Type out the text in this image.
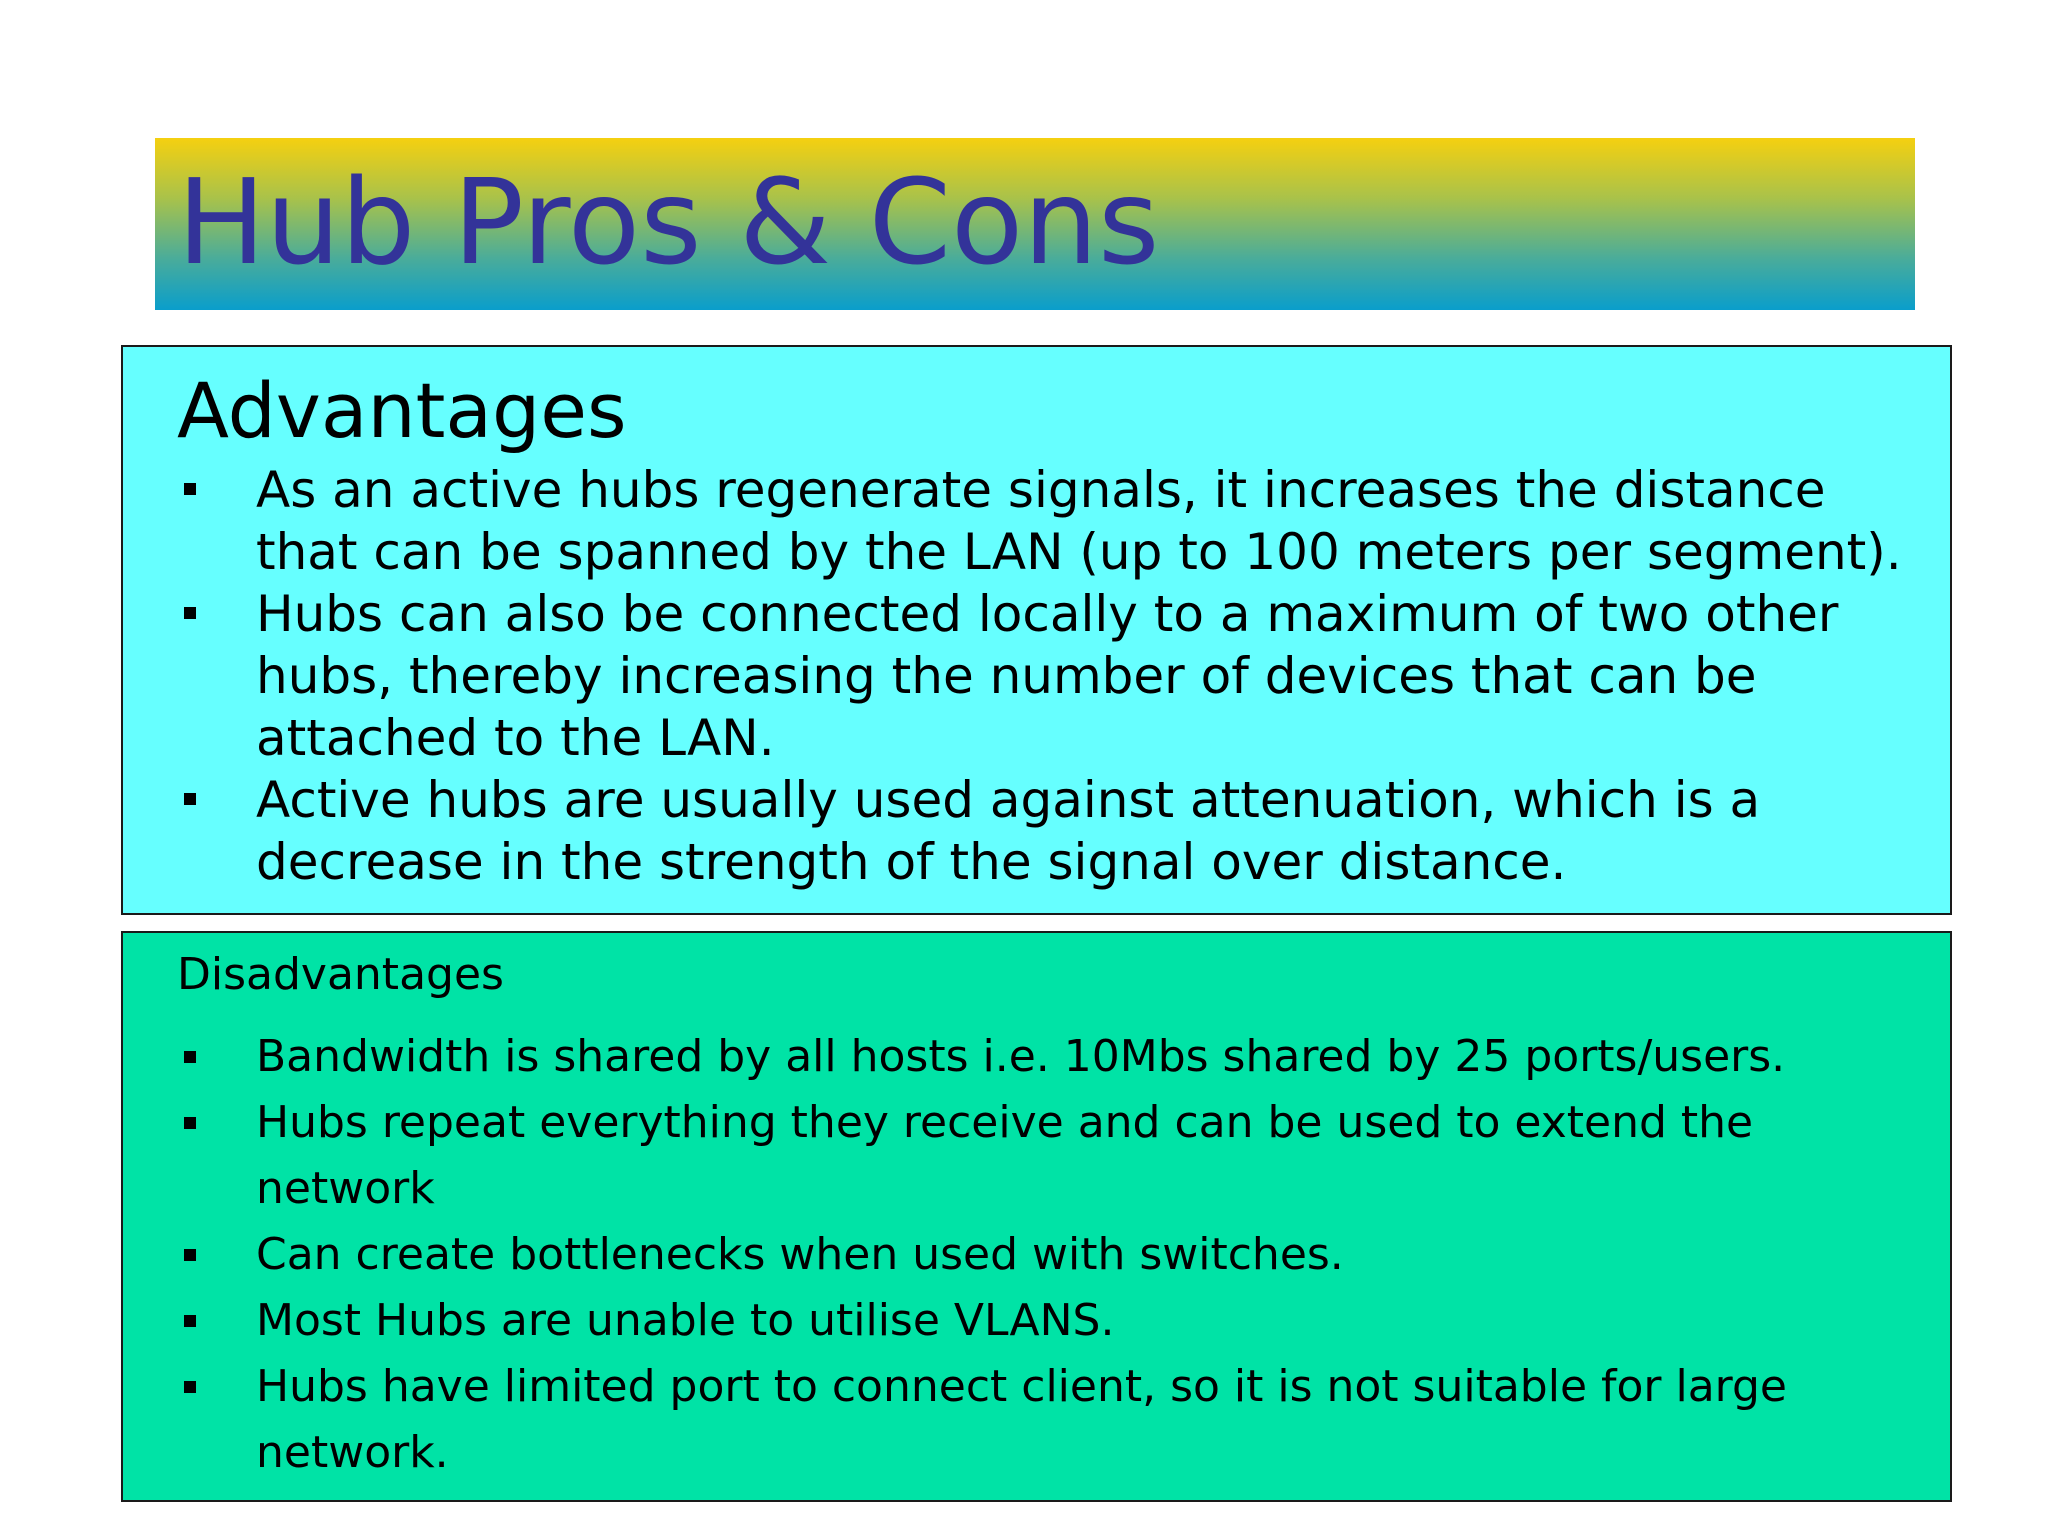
Hub Pros & Cons
Advantages
As an active hubs regenerate signals, it increases the distance that can be spanned by the LAN (up to 100 meters per segment).
Hubs can also be connected locally to a maximum of two other hubs, thereby increasing the number of devices that can be attached to the LAN.
Active hubs are usually used against attenuation, which is a decrease in the strength of the signal over distance.
Disadvantages
Bandwidth is shared by all hosts i.e. 10Mbs shared by 25 ports/users.
Hubs repeat everything they receive and can be used to extend the network
Can create bottlenecks when used with switches.
Most Hubs are unable to utilise VLANS.
Hubs have limited port to connect client, so it is not suitable for large network.
